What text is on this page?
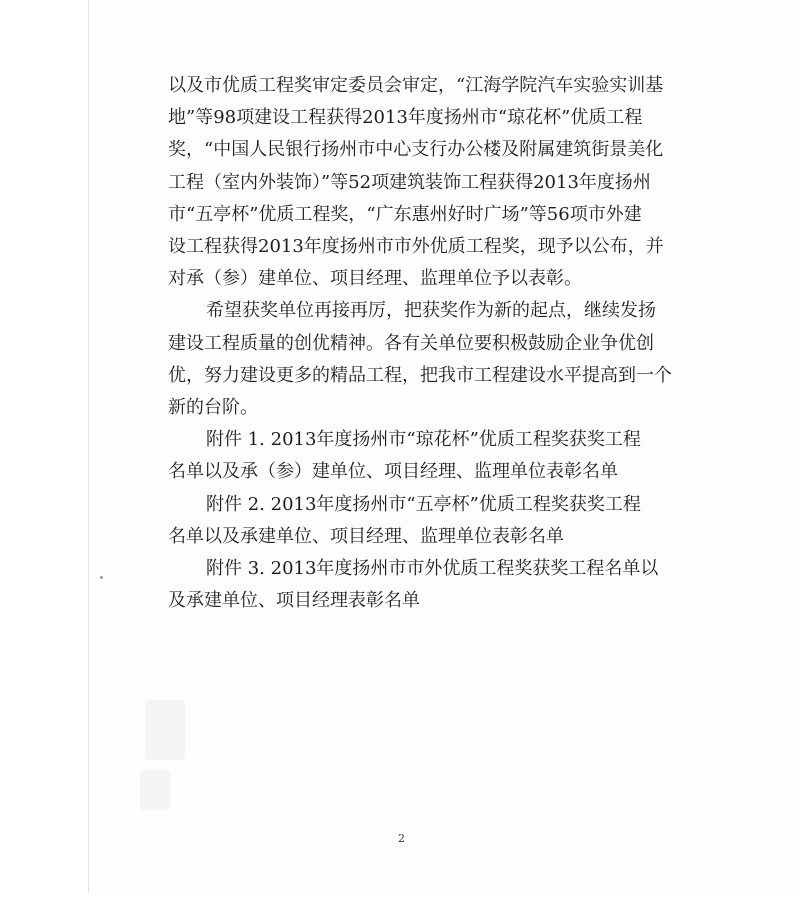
以及市优质工程奖审定委员会审定，“江海学院汽车实验实训基
地”等98项建设工程获得2013年度扬州市“琼花杯”优质工程
奖，“中国人民银行扬州市中心支行办公楼及附属建筑街景美化
工程（室内外装饰）”等52项建筑装饰工程获得2013年度扬州
市“五亭杯”优质工程奖，“广东惠州好时广场”等56项市外建
设工程获得2013年度扬州市市外优质工程奖，现予以公布，并
对承（参）建单位、项目经理、监理单位予以表彰。
希望获奖单位再接再厉，把获奖作为新的起点，继续发扬
建设工程质量的创优精神。各有关单位要积极鼓励企业争优创
优，努力建设更多的精品工程，把我市工程建设水平提高到一个
新的台阶。
附件 1. 2013年度扬州市“琼花杯”优质工程奖获奖工程
名单以及承（参）建单位、项目经理、监理单位表彰名单
附件 2. 2013年度扬州市“五亭杯”优质工程奖获奖工程
名单以及承建单位、项目经理、监理单位表彰名单
附件 3. 2013年度扬州市市外优质工程奖获奖工程名单以
及承建单位、项目经理表彰名单
2
